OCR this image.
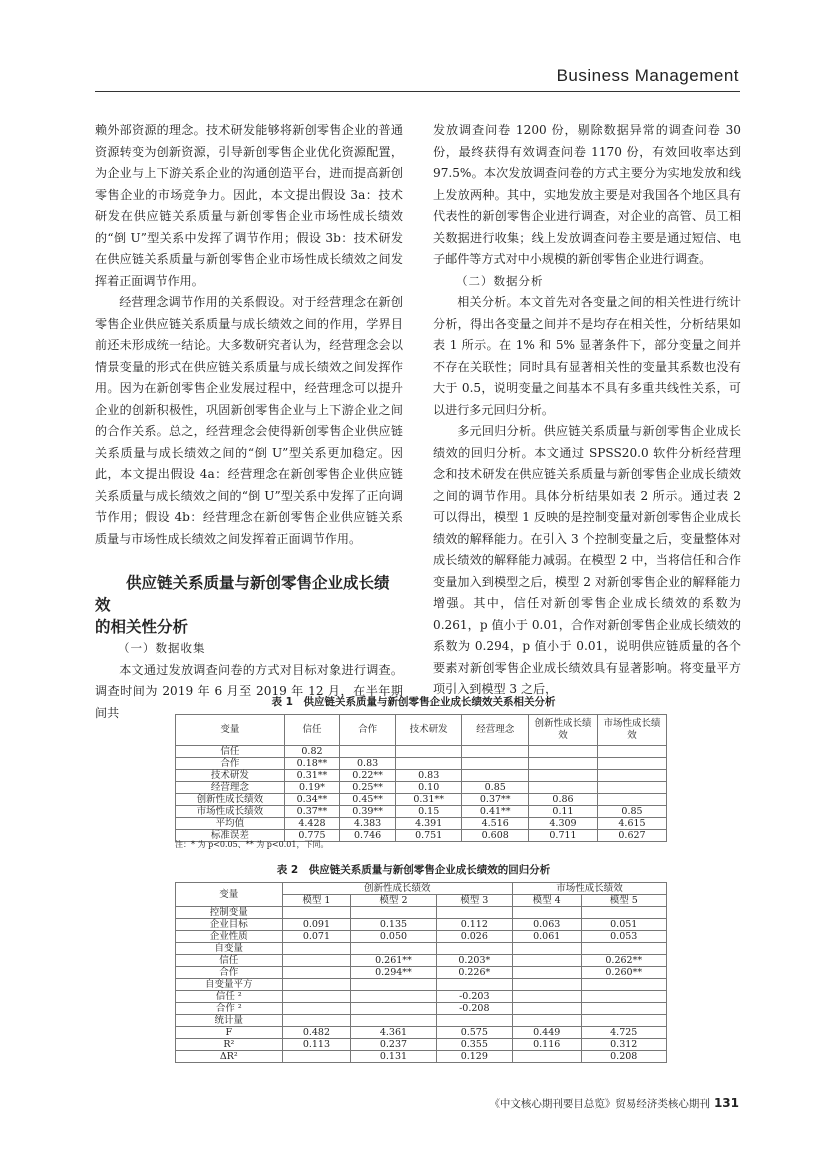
Business Management

赖外部资源的理念。技术研发能够将新创零售企业的普通资源转变为创新资源，引导新创零售企业优化资源配置，为企业与上下游关系企业的沟通创造平台，进而提高新创零售企业的市场竞争力。因此，本文提出假设 3a：技术研发在供应链关系质量与新创零售企业市场性成长绩效的“倒 U”型关系中发挥了调节作用；假设 3b：技术研发在供应链关系质量与新创零售企业市场性成长绩效之间发挥着正面调节作用。

经营理念调节作用的关系假设。对于经营理念在新创零售企业供应链关系质量与成长绩效之间的作用，学界目前还未形成统一结论。大多数研究者认为，经营理念会以情景变量的形式在供应链关系质量与成长绩效之间发挥作用。因为在新创零售企业发展过程中，经营理念可以提升企业的创新积极性，巩固新创零售企业与上下游企业之间的合作关系。总之，经营理念会使得新创零售企业供应链关系质量与成长绩效之间的“倒 U”型关系更加稳定。因此，本文提出假设 4a：经营理念在新创零售企业供应链关系质量与成长绩效之间的“倒 U”型关系中发挥了正向调节作用；假设 4b：经营理念在新创零售企业供应链关系质量与市场性成长绩效之间发挥着正面调节作用。

供应链关系质量与新创零售企业成长绩效
的相关性分析

（一）数据收集

本文通过发放调查问卷的方式对目标对象进行调查。调查时间为 2019 年 6 月至 2019 年 12 月，在半年期间共

发放调查问卷 1200 份，剔除数据异常的调查问卷 30 份，最终获得有效调查问卷 1170 份，有效回收率达到 97.5%。本次发放调查问卷的方式主要分为实地发放和线上发放两种。其中，实地发放主要是对我国各个地区具有代表性的新创零售企业进行调查，对企业的高管、员工相关数据进行收集；线上发放调查问卷主要是通过短信、电子邮件等方式对中小规模的新创零售企业进行调查。

（二）数据分析

相关分析。本文首先对各变量之间的相关性进行统计分析，得出各变量之间并不是均存在相关性，分析结果如表 1 所示。在 1% 和 5% 显著条件下，部分变量之间并不存在关联性；同时具有显著相关性的变量其系数也没有大于 0.5，说明变量之间基本不具有多重共线性关系，可以进行多元回归分析。

多元回归分析。供应链关系质量与新创零售企业成长绩效的回归分析。本文通过 SPSS20.0 软件分析经营理念和技术研发在供应链关系质量与新创零售企业成长绩效之间的调节作用。具体分析结果如表 2 所示。通过表 2 可以得出，模型 1 反映的是控制变量对新创零售企业成长绩效的解释能力。在引入 3 个控制变量之后，变量整体对成长绩效的解释能力减弱。在模型 2 中，当将信任和合作变量加入到模型之后，模型 2 对新创零售企业的解释能力增强。其中，信任对新创零售企业成长绩效的系数为 0.261，p 值小于 0.01，合作对新创零售企业成长绩效的系数为 0.294，p 值小于 0.01，说明供应链质量的各个要素对新创零售企业成长绩效具有显著影响。将变量平方项引入到模型 3 之后，

表 1　供应链关系质量与新创零售企业成长绩效关系相关分析
变量	信任	合作	技术研发	经营理念	创新性成长绩效	市场性成长绩效
信任	0.82					
合作	0.18**	0.83				
技术研发	0.31**	0.22**	0.83			
经营理念	0.19*	0.25**	0.10	0.85		
创新性成长绩效	0.34**	0.45**	0.31**	0.37**	0.86	
市场性成长绩效	0.37**	0.39**	0.15	0.41**	0.11	0.85
平均值	4.428	4.383	4.391	4.516	4.309	4.615
标准误差	0.775	0.746	0.751	0.608	0.711	0.627
注：* 为 p<0.05、** 为 p<0.01，下同。
表 2　供应链关系质量与新创零售企业成长绩效的回归分析
变量	创新性成长绩效			市场性成长绩效	
	模型 1	模型 2	模型 3	模型 4	模型 5
控制变量					
企业目标	0.091	0.135	0.112	0.063	0.051
企业性质	0.071	0.050	0.026	0.061	0.053
自变量					
信任		0.261**	0.203*		0.262**
合作		0.294**	0.226*		0.260**
自变量平方					
信任 ²			-0.203		
合作 ²			-0.208		
统计量					
F	0.482	4.361	0.575	0.449	4.725
R²	0.113	0.237	0.355	0.116	0.312
ΔR²		0.131	0.129		0.208
《中文核心期刊要目总览》贸易经济类核心期刊 131
